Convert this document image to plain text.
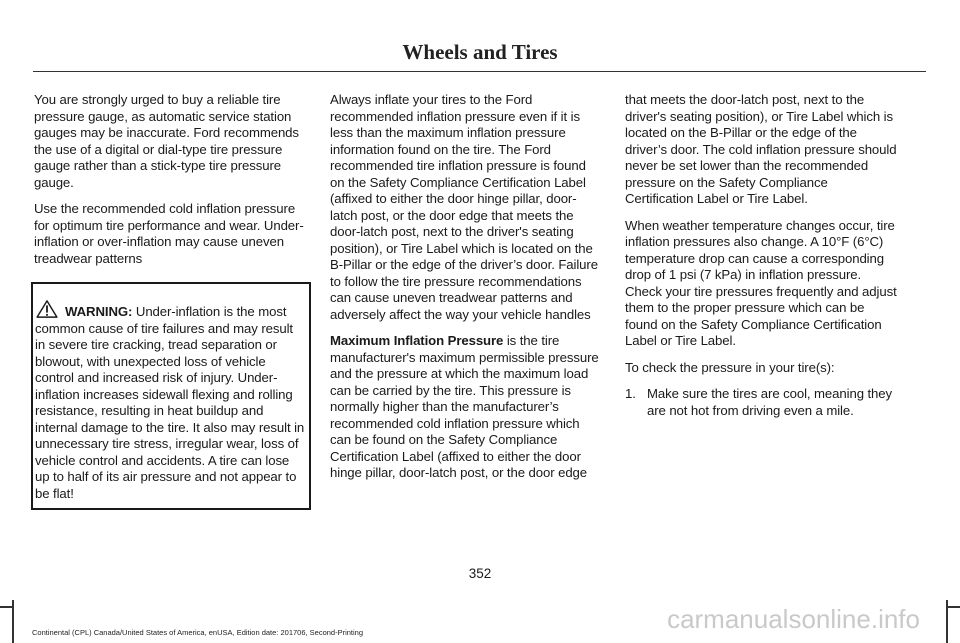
Wheels and Tires

You are strongly urged to buy a reliable tire pressure gauge, as automatic service station gauges may be inaccurate. Ford recommends the use of a digital or dial-type tire pressure gauge rather than a stick-type tire pressure gauge.

Use the recommended cold inflation pressure for optimum tire performance and wear. Under-inflation or over-inflation may cause uneven treadwear patterns

WARNING: Under-inflation is the most common cause of tire failures and may result in severe tire cracking, tread separation or blowout, with unexpected loss of vehicle control and increased risk of injury. Under-inflation increases sidewall flexing and rolling resistance, resulting in heat buildup and internal damage to the tire. It also may result in unnecessary tire stress, irregular wear, loss of vehicle control and accidents. A tire can lose up to half of its air pressure and not appear to be flat!

Always inflate your tires to the Ford recommended inflation pressure even if it is less than the maximum inflation pressure information found on the tire. The Ford recommended tire inflation pressure is found on the Safety Compliance Certification Label (affixed to either the door hinge pillar, door-latch post, or the door edge that meets the door-latch post, next to the driver's seating position), or Tire Label which is located on the B-Pillar or the edge of the driver’s door. Failure to follow the tire pressure recommendations can cause uneven treadwear patterns and adversely affect the way your vehicle handles

Maximum Inflation Pressure is the tire manufacturer's maximum permissible pressure and the pressure at which the maximum load can be carried by the tire. This pressure is normally higher than the manufacturer’s recommended cold inflation pressure which can be found on the Safety Compliance Certification Label (affixed to either the door hinge pillar, door-latch post, or the door edge

that meets the door-latch post, next to the driver's seating position), or Tire Label which is located on the B-Pillar or the edge of the driver’s door. The cold inflation pressure should never be set lower than the recommended pressure on the Safety Compliance Certification Label or Tire Label.

When weather temperature changes occur, tire inflation pressures also change. A 10°F (6°C) temperature drop can cause a corresponding drop of 1 psi (7 kPa) in inflation pressure. Check your tire pressures frequently and adjust them to the proper pressure which can be found on the Safety Compliance Certification Label or Tire Label.

To check the pressure in your tire(s):

1. Make sure the tires are cool, meaning they are not hot from driving even a mile.
352
Continental (CPL) Canada/United States of America, enUSA, Edition date: 201706, Second-Printing	carmanualsonline.info
